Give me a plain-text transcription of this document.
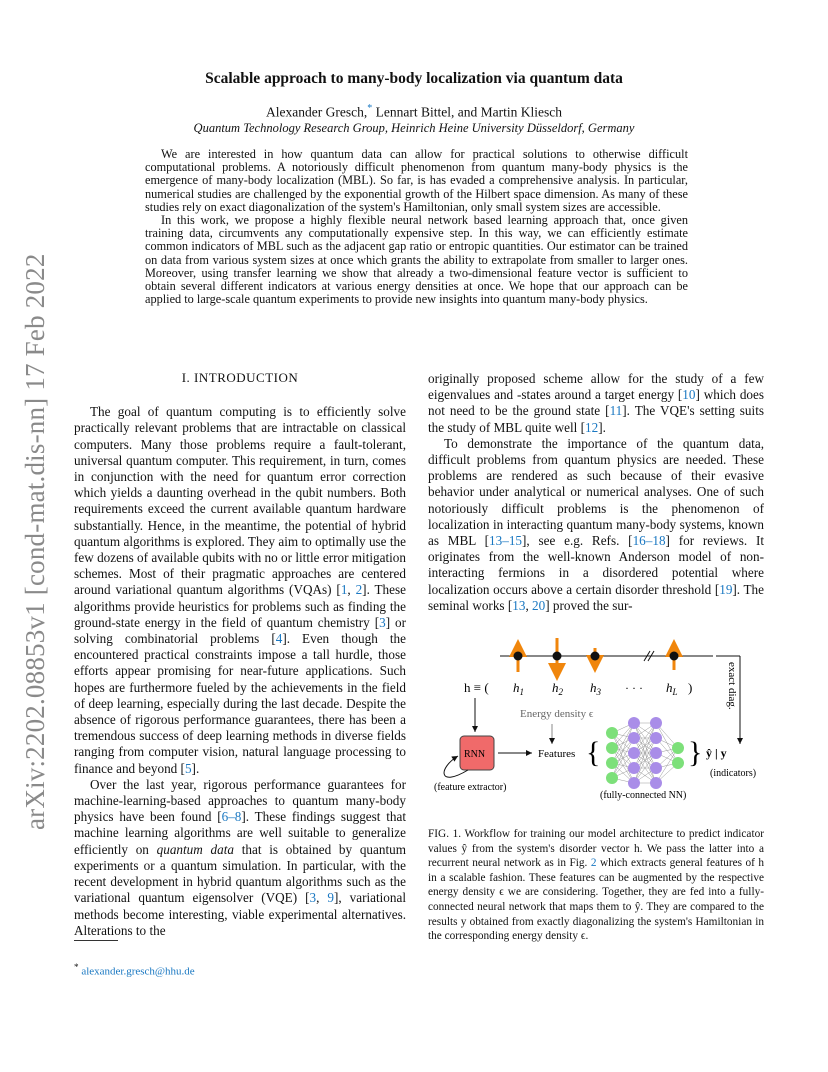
arXiv:2202.08853v1 [cond-mat.dis-nn] 17 Feb 2022
Scalable approach to many-body localization via quantum data
Alexander Gresch,* Lennart Bittel, and Martin Kliesch
Quantum Technology Research Group, Heinrich Heine University Düsseldorf, Germany

We are interested in how quantum data can allow for practical solutions to otherwise difficult computational problems. A notoriously difficult phenomenon from quantum many-body physics is the emergence of many-body localization (MBL). So far, is has evaded a comprehensive analysis. In particular, numerical studies are challenged by the exponential growth of the Hilbert space dimension. As many of these studies rely on exact diagonalization of the system's Hamiltonian, only small system sizes are accessible.

In this work, we propose a highly flexible neural network based learning approach that, once given training data, circumvents any computationally expensive step. In this way, we can efficiently estimate common indicators of MBL such as the adjacent gap ratio or entropic quantities. Our estimator can be trained on data from various system sizes at once which grants the ability to extrapolate from smaller to larger ones. Moreover, using transfer learning we show that already a two-dimensional feature vector is sufficient to obtain several different indicators at various energy densities at once. We hope that our approach can be applied to large-scale quantum experiments to provide new insights into quantum many-body physics.

I. INTRODUCTION

The goal of quantum computing is to efficiently solve practically relevant problems that are intractable on classical computers. Many those problems require a fault-tolerant, universal quantum computer. This requirement, in turn, comes in conjunction with the need for quantum error correction which yields a daunting overhead in the qubit numbers. Both requirements exceed the current available quantum hardware substantially. Hence, in the meantime, the potential of hybrid quantum algorithms is explored. They aim to optimally use the few dozens of available qubits with no or little error mitigation schemes. Most of their pragmatic approaches are centered around variational quantum algorithms (VQAs) [1, 2]. These algorithms provide heuristics for problems such as finding the ground-state energy in the field of quantum chemistry [3] or solving combinatorial problems [4]. Even though the encountered practical constraints impose a tall hurdle, those efforts appear promising for near-future applications. Such hopes are furthermore fueled by the achievements in the field of deep learning, especially during the last decade. Despite the absence of rigorous performance guarantees, there has been a tremendous success of deep learning methods in diverse fields ranging from computer vision, natural language processing to finance and beyond [5].

Over the last year, rigorous performance guarantees for machine-learning-based approaches to quantum many-body physics have been found [6–8]. These findings suggest that machine learning algorithms are well suitable to generalize efficiently on quantum data that is obtained by quantum experiments or a quantum simulation. In particular, with the recent development in hybrid quantum algorithms such as the variational quantum eigensolver (VQE) [3, 9], variational methods become interesting, viable experimental alternatives. Alterations to the

originally proposed scheme allow for the study of a few eigenvalues and -states around a target energy [10] which does not need to be the ground state [11]. The VQE's setting suits the study of MBL quite well [12].

To demonstrate the importance of the quantum data, difficult problems from quantum physics are needed. These problems are rendered as such because of their evasive behavior under analytical or numerical analyses. One of such notoriously difficult problems is the phenomenon of localization in interacting quantum many-body systems, known as MBL [13–15], see e.g. Refs. [16–18] for reviews. It originates from the well-known Anderson model of non-interacting fermions in a disordered potential where localization occurs above a certain disorder threshold [19]. The seminal works [13, 20] proved the sur-

h ≡ ( $h_1$ $h_2$ $h_3$ · · · $h_L$ )	exact diag.
Energy density ϵ
RNN	Features
(feature extractor)
{	}
(fully-connected NN)
ŷ | y
(indicators)

FIG. 1. Workflow for training our model architecture to predict indicator values ŷ from the system's disorder vector h. We pass the latter into a recurrent neural network as in Fig. 2 which extracts general features of h in a scalable fashion. These features can be augmented by the respective energy density ϵ we are considering. Together, they are fed into a fully-connected neural network that maps them to ŷ. They are compared to the results y obtained from exactly diagonalizing the system's Hamiltonian in the corresponding energy density ϵ.

* alexander.gresch@hhu.de
